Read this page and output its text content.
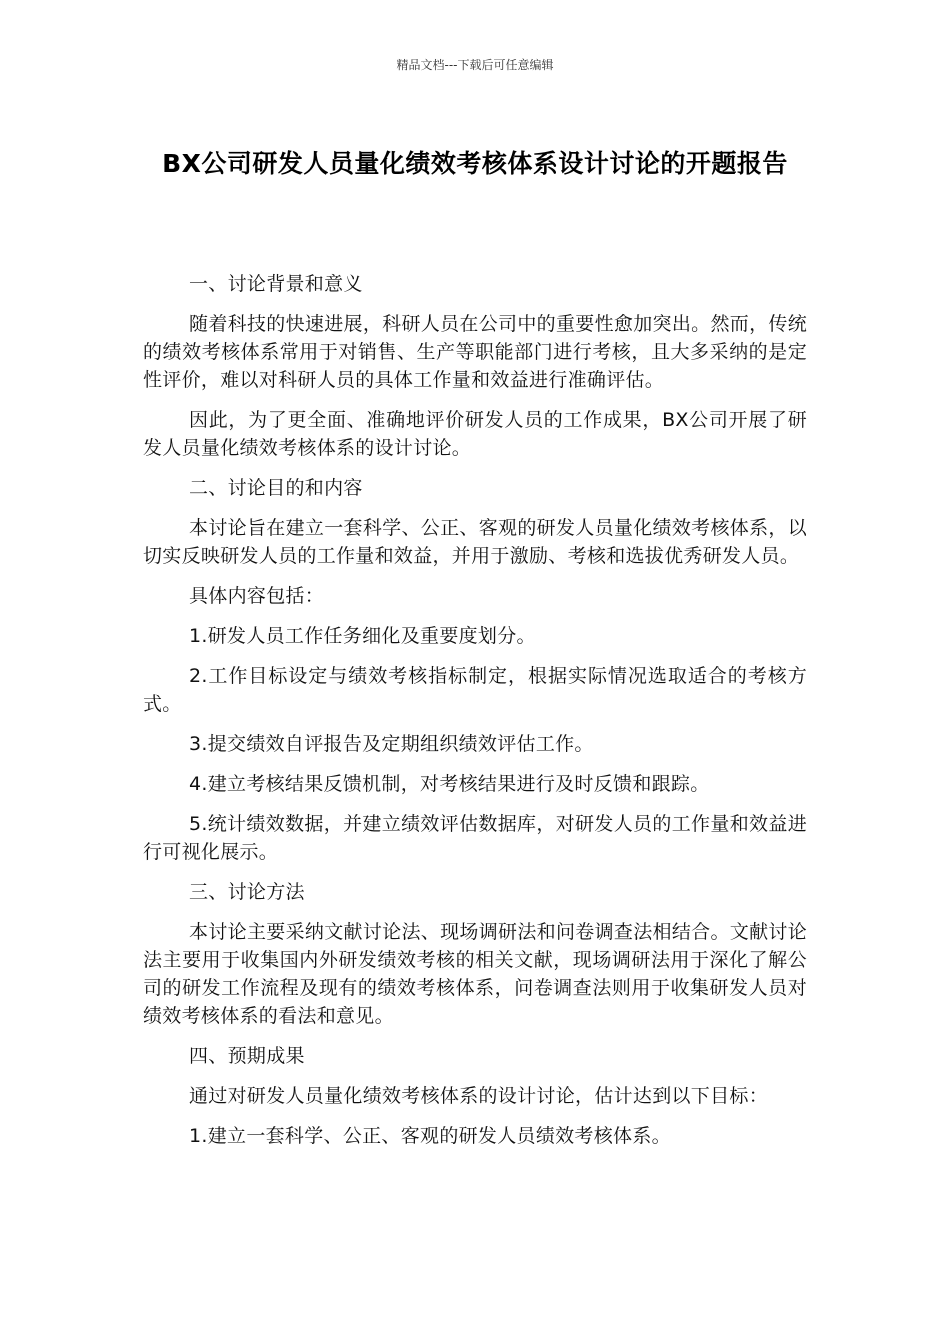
精品文档---下载后可任意编辑
BX公司研发人员量化绩效考核体系设计讨论的开题报告

一、讨论背景和意义

随着科技的快速进展，科研人员在公司中的重要性愈加突出。然而，传统的绩效考核体系常用于对销售、生产等职能部门进行考核，且大多采纳的是定性评价，难以对科研人员的具体工作量和效益进行准确评估。

因此，为了更全面、准确地评价研发人员的工作成果，BX公司开展了研发人员量化绩效考核体系的设计讨论。

二、讨论目的和内容

本讨论旨在建立一套科学、公正、客观的研发人员量化绩效考核体系，以切实反映研发人员的工作量和效益，并用于激励、考核和选拔优秀研发人员。

具体内容包括：

1.研发人员工作任务细化及重要度划分。

2.工作目标设定与绩效考核指标制定，根据实际情况选取适合的考核方式。

3.提交绩效自评报告及定期组织绩效评估工作。

4.建立考核结果反馈机制，对考核结果进行及时反馈和跟踪。

5.统计绩效数据，并建立绩效评估数据库，对研发人员的工作量和效益进行可视化展示。

三、讨论方法

本讨论主要采纳文献讨论法、现场调研法和问卷调查法相结合。文献讨论法主要用于收集国内外研发绩效考核的相关文献，现场调研法用于深化了解公司的研发工作流程及现有的绩效考核体系，问卷调查法则用于收集研发人员对绩效考核体系的看法和意见。

四、预期成果

通过对研发人员量化绩效考核体系的设计讨论，估计达到以下目标：

1.建立一套科学、公正、客观的研发人员绩效考核体系。
